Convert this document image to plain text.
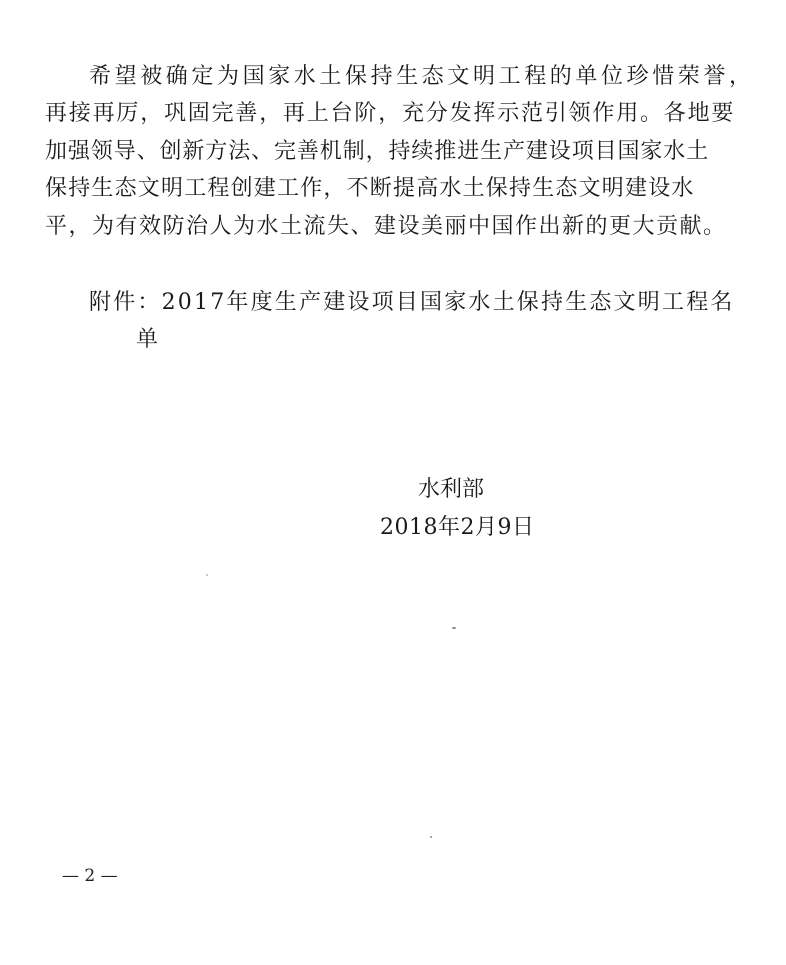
希望被确定为国家水土保持生态文明工程的单位珍惜荣誉，
再接再厉，巩固完善，再上台阶，充分发挥示范引领作用。各地要
加强领导、创新方法、完善机制，持续推进生产建设项目国家水土
保持生态文明工程创建工作，不断提高水土保持生态文明建设水
平，为有效防治人为水土流失、建设美丽中国作出新的更大贡献。
附件：2017年度生产建设项目国家水土保持生态文明工程名
单
水利部
2018年2月9日
— 2 —
